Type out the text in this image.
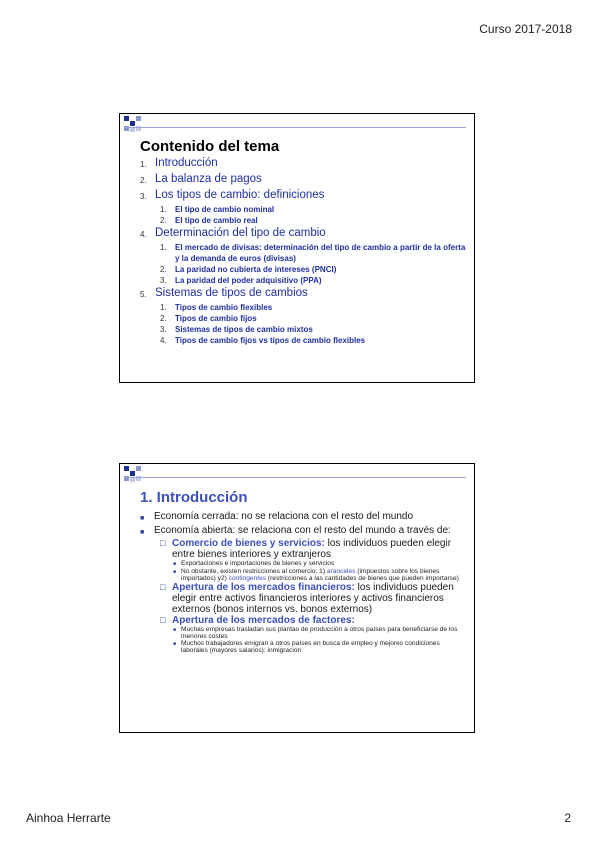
Curso 2017-2018
Contenido del tema
1. Introducción
2. La balanza de pagos
3. Los tipos de cambio: definiciones
1.	El tipo de cambio nominal
2.	El tipo de cambio real
4. Determinación del tipo de cambio
1.	El mercado de divisas: determinación del tipo de cambio a partir de la oferta y la demanda de euros (divisas)
2.	La paridad no cubierta de intereses (PNCI)
3.	La paridad del poder adquisitivo (PPA)
5. Sistemas de tipos de cambios
1.	Tipos de cambio flexibles
2.	Tipos de cambio fijos
3.	Sistemas de tipos de cambio mixtos
4.	Tipos de cambio fijos vs tipos de cambio flexibles
1. Introducción
■ Economía cerrada: no se relaciona con el resto del mundo
■ Economía abierta: se relaciona con el resto del mundo a través de:
□ Comercio de bienes y servicios: los individuos pueden elegir entre bienes interiores y extranjeros
■ Exportaciones e importaciones de bienes y servicios
■ No obstante, existen restricciones al comercio: 1) aranceles (impuestos sobre los bienes importados) y2) contingentes (restricciones a las cantidades de bienes que pueden importarse)
□ Apertura de los mercados financieros: los individuos pueden elegir entre activos financieros interiores y activos financieros externos (bonos internos vs. bonos externos)
□ Apertura de los mercados de factores:
■ Muchas empresas trasladan sus plantas de producción a otros países para beneficiarse de los menores costes
■ Muchos trabajadores emigran a otros países en busca de empleo y mejores condiciones laborales (mayores salarios): inmigración
Ainhoa Herrarte	2
